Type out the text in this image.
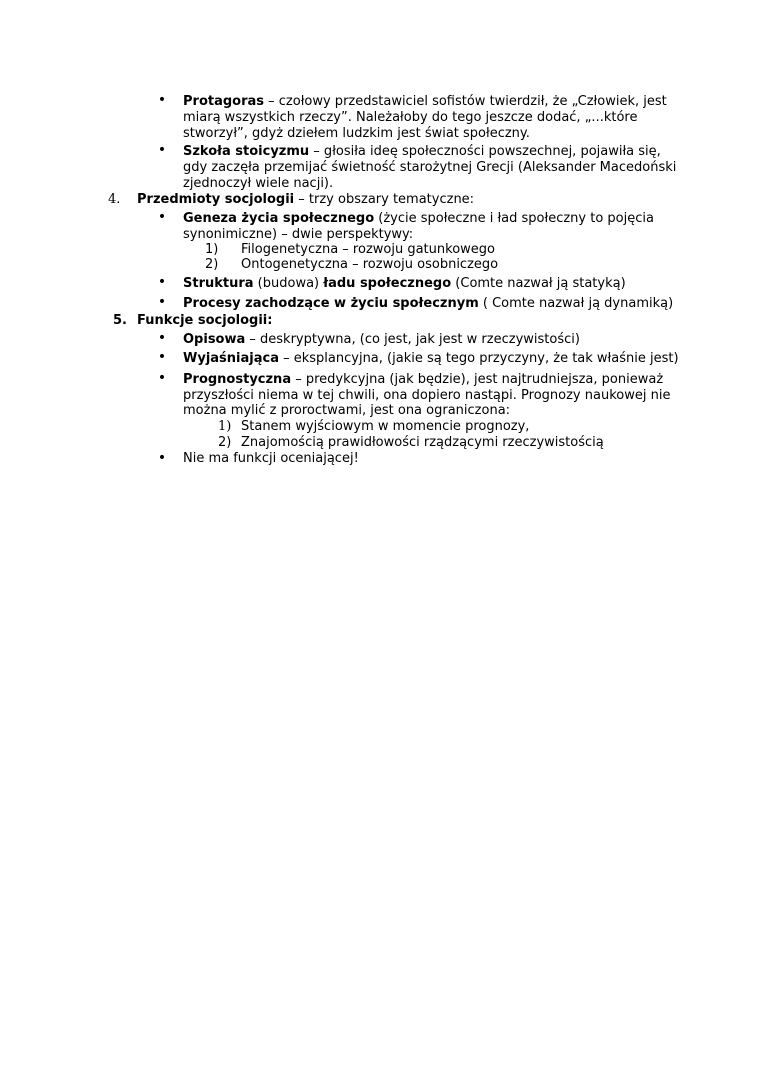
• Protagoras – czołowy przedstawiciel sofistów twierdził, że „Człowiek, jest
miarą wszystkich rzeczy”. Należałoby do tego jeszcze dodać, „...które
stworzył”, gdyż dziełem ludzkim jest świat społeczny.
• Szkoła stoicyzmu – głosiła ideę społeczności powszechnej, pojawiła się,
gdy zaczęła przemijać świetność starożytnej Grecji (Aleksander Macedoński
zjednoczył wiele nacji).
4.	Przedmioty socjologii – trzy obszary tematyczne:
• Geneza życia społecznego (życie społeczne i ład społeczny to pojęcia
synonimiczne) – dwie perspektywy:
1)	Filogenetyczna – rozwoju gatunkowego
2)	Ontogenetyczna – rozwoju osobniczego
• Struktura (budowa) ładu społecznego (Comte nazwał ją statyką)
• Procesy zachodzące w życiu społecznym ( Comte nazwał ją dynamiką)
5. Funkcje socjologii:
• Opisowa – deskryptywna, (co jest, jak jest w rzeczywistości)
• Wyjaśniająca – eksplancyjna, (jakie są tego przyczyny, że tak właśnie jest)
• Prognostyczna – predykcyjna (jak będzie), jest najtrudniejsza, ponieważ
przyszłości niema w tej chwili, ona dopiero nastąpi. Prognozy naukowej nie
można mylić z proroctwami, jest ona ograniczona:
1) Stanem wyjściowym w momencie prognozy,
2) Znajomością prawidłowości rządzącymi rzeczywistością
• Nie ma funkcji oceniającej!
